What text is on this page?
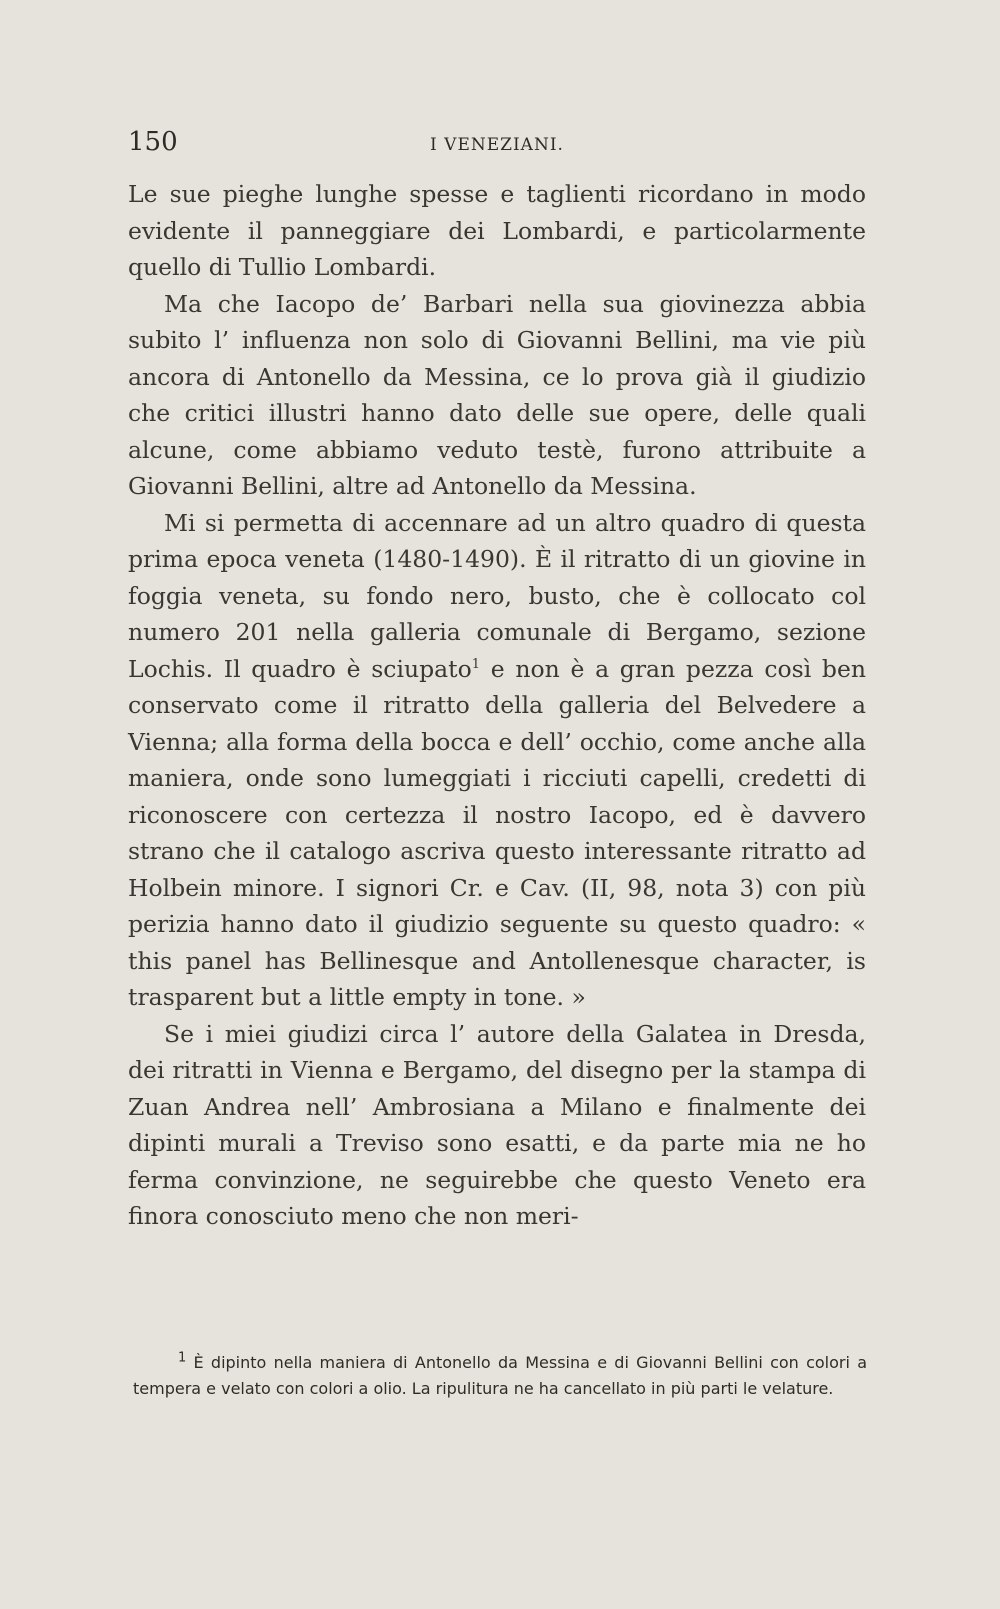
150	I VENEZIANI.

Le sue pieghe lunghe spesse e taglienti ricordano in modo evidente il panneggiare dei Lombardi, e particolarmente quello di Tullio Lombardi.

Ma che Iacopo de’ Barbari nella sua giovinezza abbia subito l’ influenza non solo di Giovanni Bellini, ma vie più ancora di Antonello da Messina, ce lo prova già il giudizio che critici illustri hanno dato delle sue opere, delle quali alcune, come abbiamo veduto testè, furono attribuite a Giovanni Bellini, altre ad Antonello da Messina.

Mi si permetta di accennare ad un altro quadro di questa prima epoca veneta (1480-1490). È il ritratto di un giovine in foggia veneta, su fondo nero, busto, che è collocato col numero 201 nella galleria comunale di Bergamo, sezione Lochis. Il quadro è sciupato$^1$ e non è a gran pezza così ben conservato come il ritratto della galleria del Belvedere a Vienna; alla forma della bocca e dell’ occhio, come anche alla maniera, onde sono lumeggiati i ricciuti capelli, credetti di riconoscere con certezza il nostro Iacopo, ed è davvero strano che il catalogo ascriva questo interessante ritratto ad Holbein minore. I signori Cr. e Cav. (II, 98, nota 3) con più perizia hanno dato il giudizio seguente su questo quadro: « this panel has Bellinesque and Antollenesque character, is trasparent but a little empty in tone. »

Se i miei giudizi circa l’ autore della Galatea in Dresda, dei ritratti in Vienna e Bergamo, del disegno per la stampa di Zuan Andrea nell’ Ambrosiana a Milano e finalmente dei dipinti murali a Treviso sono esatti, e da parte mia ne ho ferma convinzione, ne seguirebbe che questo Veneto era finora conosciuto meno che non meri-

$^1$ È dipinto nella maniera di Antonello da Messina e di Giovanni Bellini con colori a tempera e velato con colori a olio. La ripulitura ne ha cancellato in più parti le velature.
